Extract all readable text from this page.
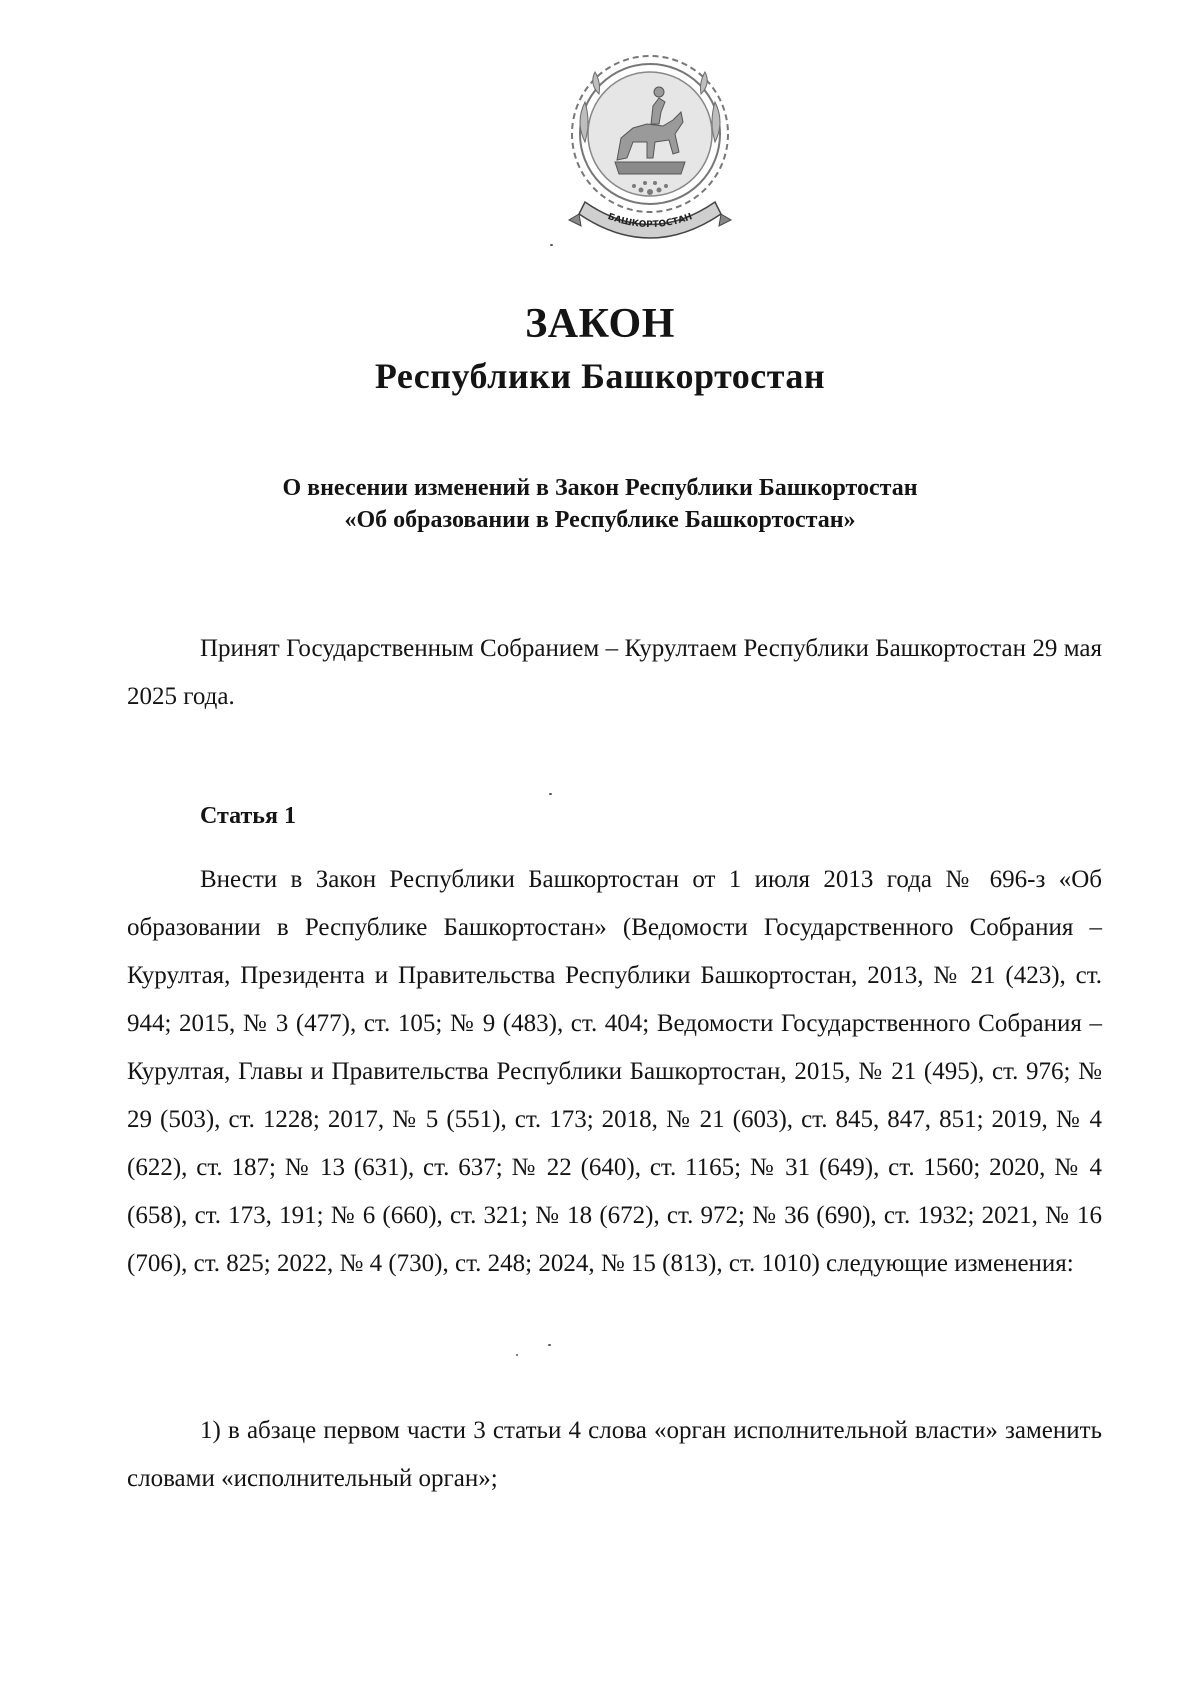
БАШКОРТОСТАН
ЗАКОН
Республики Башкортостан
О внесении изменений в Закон Республики Башкортостан
«Об образовании в Республике Башкортостан»
Принят Государственным Собранием – Курултаем Республики Башкортостан 29 мая 2025 года.
Статья 1
Внести в Закон Республики Башкортостан от 1 июля 2013 года № 696-з «Об образовании в Республике Башкортостан» (Ведомости Государственного Собрания – Курултая, Президента и Правительства Республики Башкортостан, 2013, № 21 (423), ст. 944; 2015, № 3 (477), ст. 105; № 9 (483), ст. 404; Ведомости Государственного Собрания – Курултая, Главы и Правительства Республики Башкортостан, 2015, № 21 (495), ст. 976; № 29 (503), ст. 1228; 2017, № 5 (551), ст. 173; 2018, № 21 (603), ст. 845, 847, 851; 2019, № 4 (622), ст. 187; № 13 (631), ст. 637; № 22 (640), ст. 1165; № 31 (649), ст. 1560; 2020, № 4 (658), ст. 173, 191; № 6 (660), ст. 321; № 18 (672), ст. 972; № 36 (690), ст. 1932; 2021, № 16 (706), ст. 825; 2022, № 4 (730), ст. 248; 2024, № 15 (813), ст. 1010) следующие изменения:
1) в абзаце первом части 3 статьи 4 слова «орган исполнительной власти» заменить словами «исполнительный орган»;
